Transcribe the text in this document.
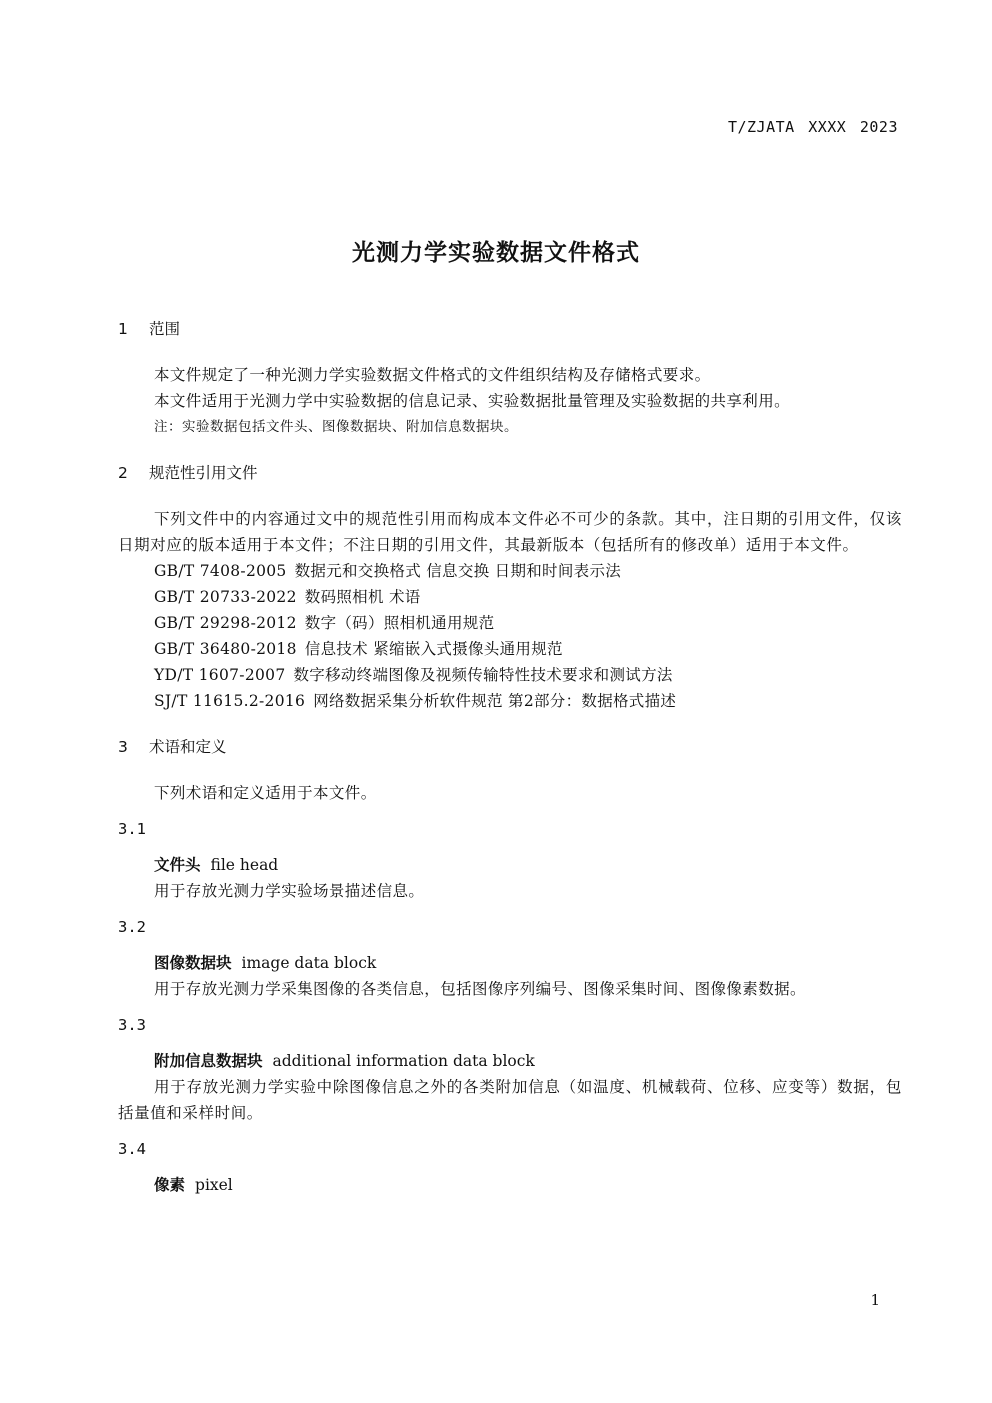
T/ZJATA XXXX 2023
光测力学实验数据文件格式
1 范围

本文件规定了一种光测力学实验数据文件格式的文件组织结构及存储格式要求。

本文件适用于光测力学中实验数据的信息记录、实验数据批量管理及实验数据的共享利用。

注：实验数据包括文件头、图像数据块、附加信息数据块。

2 规范性引用文件

下列文件中的内容通过文中的规范性引用而构成本文件必不可少的条款。其中，注日期的引用文件，仅该日期对应的版本适用于本文件；不注日期的引用文件，其最新版本（包括所有的修改单）适用于本文件。

GB/T 7408-2005 数据元和交换格式 信息交换 日期和时间表示法

GB/T 20733-2022 数码照相机 术语

GB/T 29298-2012 数字（码）照相机通用规范

GB/T 36480-2018 信息技术 紧缩嵌入式摄像头通用规范

YD/T 1607-2007 数字移动终端图像及视频传输特性技术要求和测试方法

SJ/T 11615.2-2016 网络数据采集分析软件规范 第2部分：数据格式描述

3 术语和定义

下列术语和定义适用于本文件。

3.1

文件头 file head

用于存放光测力学实验场景描述信息。

3.2

图像数据块 image data block

用于存放光测力学采集图像的各类信息，包括图像序列编号、图像采集时间、图像像素数据。

3.3

附加信息数据块 additional information data block

用于存放光测力学实验中除图像信息之外的各类附加信息（如温度、机械载荷、位移、应变等）数据，包括量值和采样时间。

3.4

像素 pixel

1
